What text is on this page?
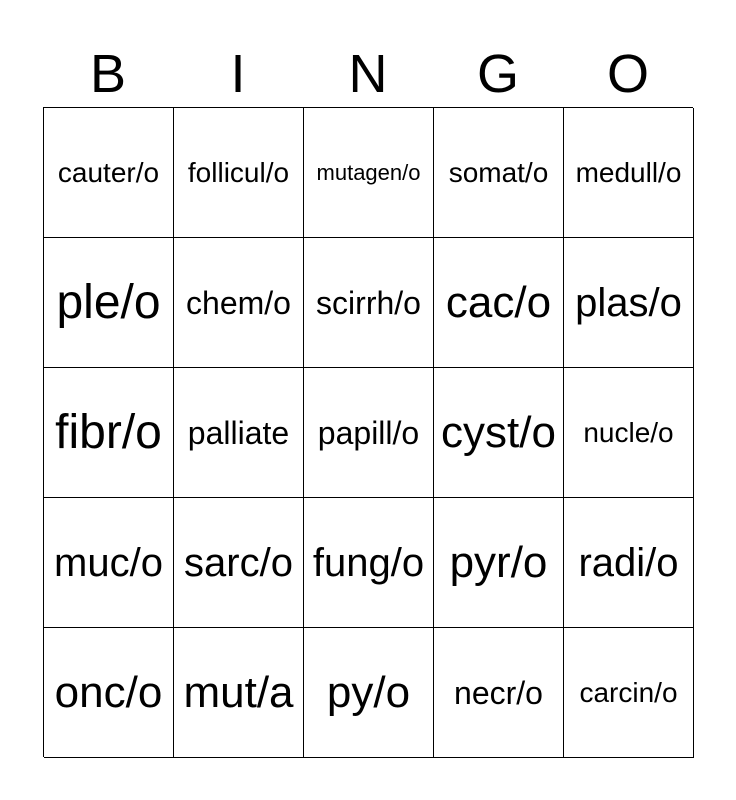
B	I	N	G	O
cauter/o follicul/o mutagen/o somat/o medull/o
ple/o chem/o scirrh/o cac/o plas/o
fibr/o palliate papill/o cyst/o nucle/o
muc/o sarc/o fung/o pyr/o radi/o
onc/o mut/a py/o necr/o carcin/o
